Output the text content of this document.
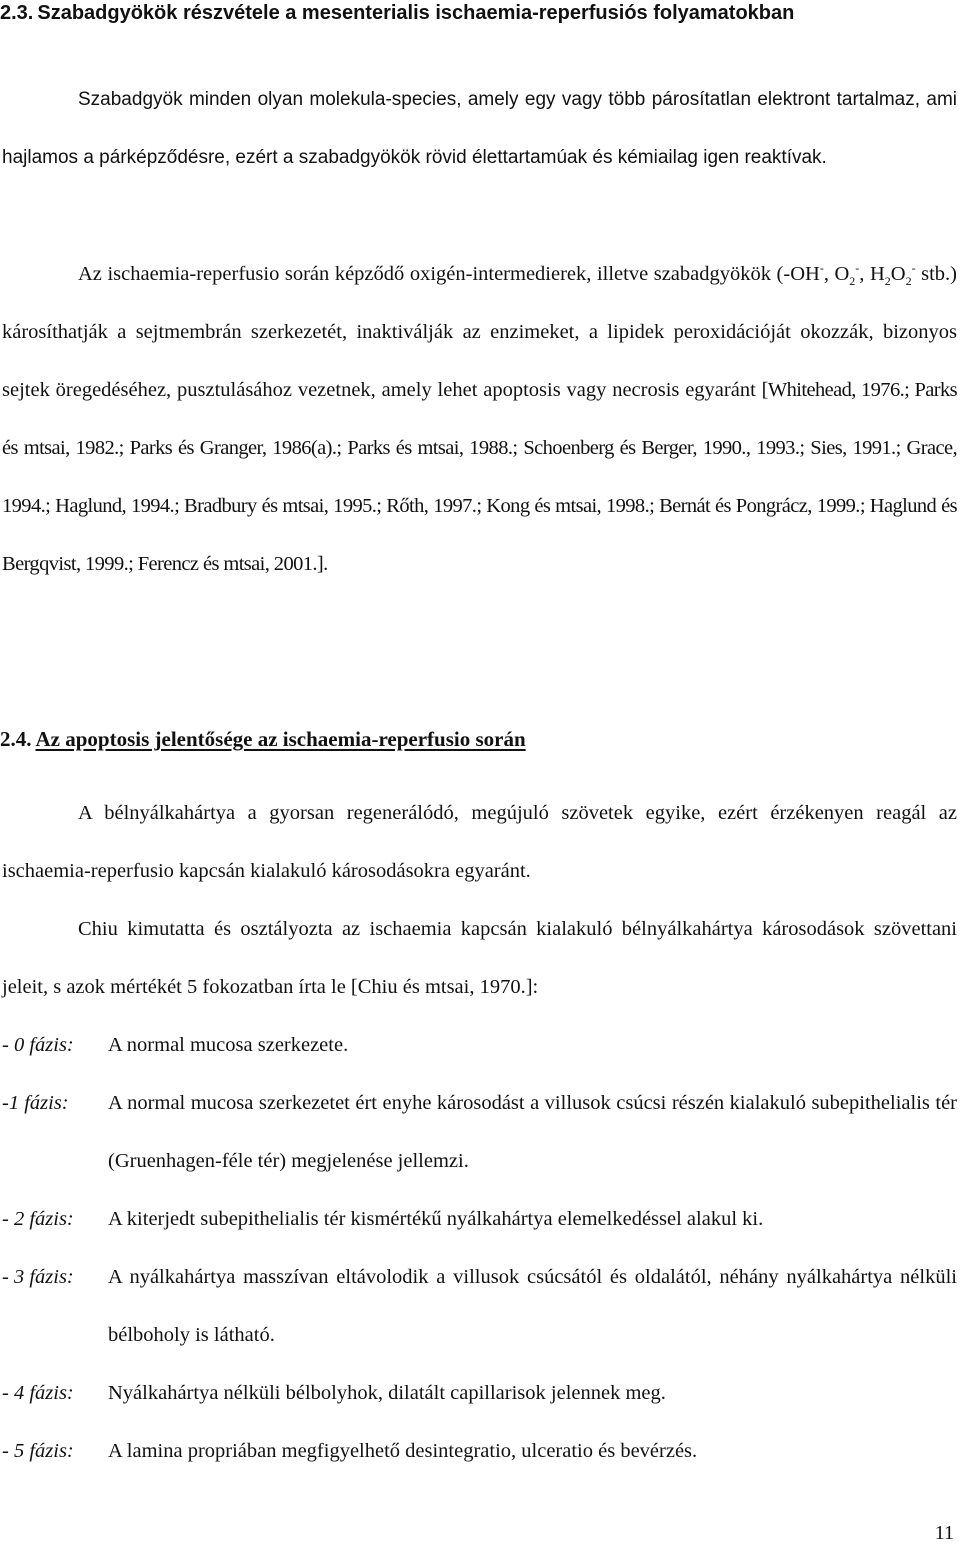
2.3. Szabadgyökök részvétele a mesenterialis ischaemia-reperfusiós folyamatokban

Szabadgyök minden olyan molekula-species, amely egy vagy több párosítatlan elektront tartalmaz, ami hajlamos a párképződésre, ezért a szabadgyökök rövid élettartamúak és kémiailag igen reaktívak.

Az ischaemia-reperfusio során képződő oxigén-intermedierek, illetve szabadgyökök (-OH-, $O_2^-$, $H_2O_2^-$ stb.) károsíthatják a sejtmembrán szerkezetét, inaktiválják az enzimeket, a lipidek peroxidációját okozzák, bizonyos sejtek öregedéséhez, pusztulásához vezetnek, amely lehet apoptosis vagy necrosis egyaránt [Whitehead, 1976.; Parks és mtsai, 1982.; Parks és Granger, 1986(a).; Parks és mtsai, 1988.; Schoenberg és Berger, 1990., 1993.; Sies, 1991.; Grace, 1994.; Haglund, 1994.; Bradbury és mtsai, 1995.; Rőth, 1997.; Kong és mtsai, 1998.; Bernát és Pongrácz, 1999.; Haglund és Bergqvist, 1999.; Ferencz és mtsai, 2001.].

2.4. Az apoptosis jelentősége az ischaemia-reperfusio során

A bélnyálkahártya a gyorsan regenerálódó, megújuló szövetek egyike, ezért érzékenyen reagál az ischaemia-reperfusio kapcsán kialakuló károsodásokra egyaránt.

Chiu kimutatta és osztályozta az ischaemia kapcsán kialakuló bélnyálkahártya károsodások szövettani jeleit, s azok mértékét 5 fokozatban írta le [Chiu és mtsai, 1970.]:

- 0 fázis:	A normal mucosa szerkezete.
-1 fázis:	A normal mucosa szerkezetet ért enyhe károsodást a villusok csúcsi részén kialakuló subepithelialis tér (Gruenhagen-féle tér) megjelenése jellemzi.
- 2 fázis:	A kiterjedt subepithelialis tér kismértékű nyálkahártya elemelkedéssel alakul ki.
- 3 fázis:	A nyálkahártya masszívan eltávolodik a villusok csúcsától és oldalától, néhány nyálkahártya nélküli bélboholy is látható.
- 4 fázis:	Nyálkahártya nélküli bélbolyhok, dilatált capillarisok jelennek meg.
- 5 fázis:	A lamina propriában megfigyelhető desintegratio, ulceratio és bevérzés.
11
